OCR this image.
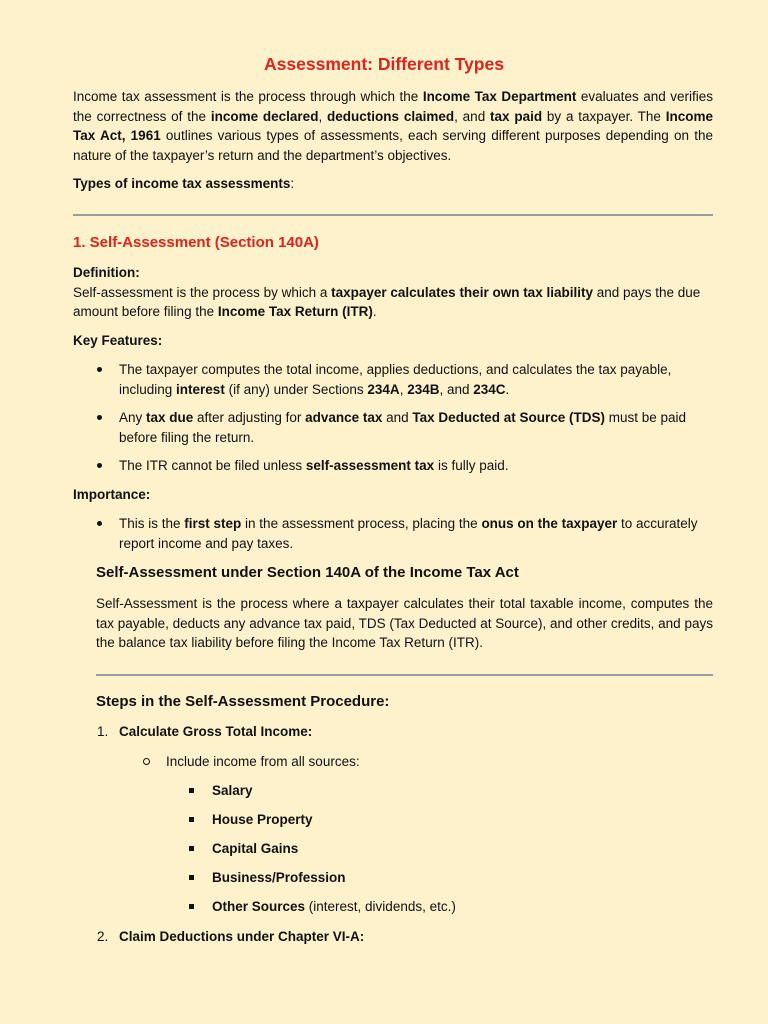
Assessment: Different Types

Income tax assessment is the process through which the Income Tax Department evaluates and verifies the correctness of the income declared, deductions claimed, and tax paid by a taxpayer. The Income Tax Act, 1961 outlines various types of assessments, each serving different purposes depending on the nature of the taxpayer’s return and the department’s objectives.

Types of income tax assessments:

1. Self-Assessment (Section 140A)

Definition:
Self-assessment is the process by which a taxpayer calculates their own tax liability and pays the due amount before filing the Income Tax Return (ITR).

Key Features:

The taxpayer computes the total income, applies deductions, and calculates the tax payable, including interest (if any) under Sections 234A, 234B, and 234C.
Any tax due after adjusting for advance tax and Tax Deducted at Source (TDS) must be paid before filing the return.
The ITR cannot be filed unless self-assessment tax is fully paid.

Importance:

This is the first step in the assessment process, placing the onus on the taxpayer to accurately report income and pay taxes.

Self-Assessment under Section 140A of the Income Tax Act

Self-Assessment is the process where a taxpayer calculates their total taxable income, computes the tax payable, deducts any advance tax paid, TDS (Tax Deducted at Source), and other credits, and pays the balance tax liability before filing the Income Tax Return (ITR).

Steps in the Self-Assessment Procedure:

1. Calculate Gross Total Income:
Include income from all sources:
Salary
House Property
Capital Gains
Business/Profession
Other Sources (interest, dividends, etc.)
2. Claim Deductions under Chapter VI-A:
